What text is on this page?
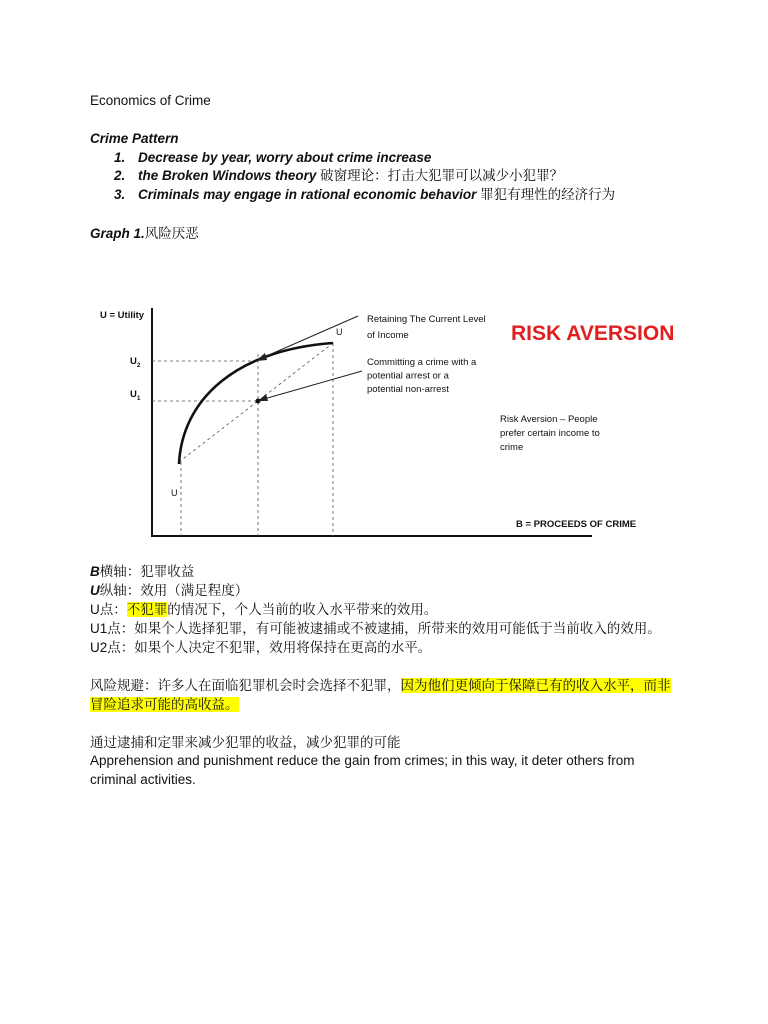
Economics of Crime
Crime Pattern
1. Decrease by year, worry about crime increase
2. the Broken Windows theory 破窗理论：打击大犯罪可以减少小犯罪？
3. Criminals may engage in rational economic behavior 罪犯有理性的经济行为
Graph 1.风险厌恶
U = Utility
$U_2$
$U_1$
U
U
B = PROCEEDS OF CRIME
Retaining The Current Level of Income
Committing a crime with a potential arrest or a potential non-arrest
RISK AVERSION
Risk Aversion – People prefer certain income to crime
B横轴：犯罪收益
U纵轴：效用（满足程度）
U点：不犯罪的情况下，个人当前的收入水平带来的效用。
U1点：如果个人选择犯罪，有可能被逮捕或不被逮捕，所带来的效用可能低于当前收入的效用。
U2点：如果个人决定不犯罪，效用将保持在更高的水平。
风险规避：许多人在面临犯罪机会时会选择不犯罪，因为他们更倾向于保障已有的收入水平，而非
冒险追求可能的高收益。
通过逮捕和定罪来减少犯罪的收益，减少犯罪的可能
Apprehension and punishment reduce the gain from crimes; in this way, it deter others from
criminal activities.
